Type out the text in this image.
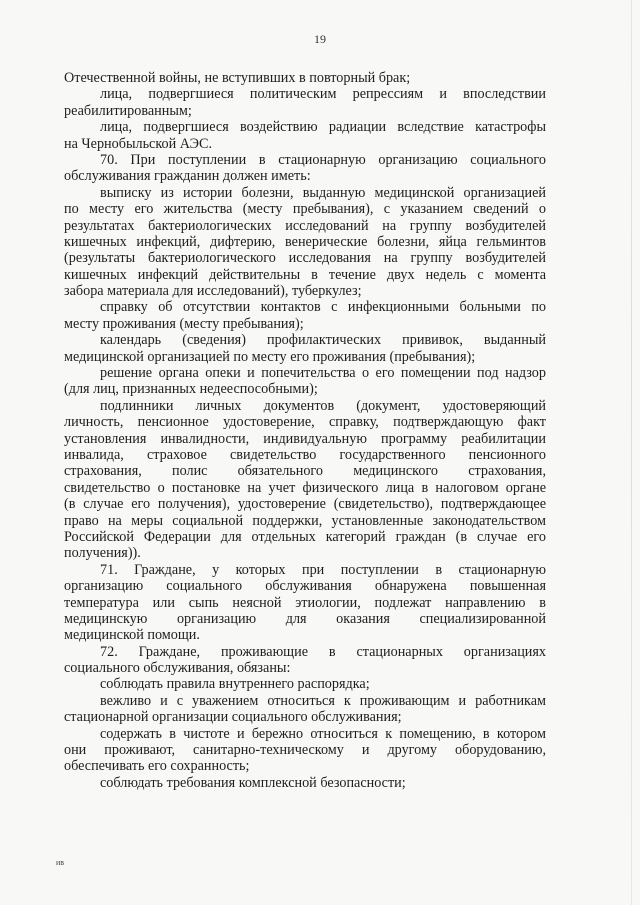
19
Отечественной войны, не вступивших в повторный брак;
лица, подвергшиеся политическим репрессиям и впоследствии
реабилитированным;
лица, подвергшиеся воздействию радиации вследствие катастрофы
на Чернобыльской АЭС.
70. При поступлении в стационарную организацию социального
обслуживания гражданин должен иметь:
выписку из истории болезни, выданную медицинской организацией
по месту его жительства (месту пребывания), с указанием сведений о
результатах бактериологических исследований на группу возбудителей
кишечных инфекций, дифтерию, венерические болезни, яйца гельминтов
(результаты бактериологического исследования на группу возбудителей
кишечных инфекций действительны в течение двух недель с момента
забора материала для исследований), туберкулез;
справку об отсутствии контактов с инфекционными больными по
месту проживания (месту пребывания);
календарь (сведения) профилактических прививок, выданный
медицинской организацией по месту его проживания (пребывания);
решение органа опеки и попечительства о его помещении под надзор
(для лиц, признанных недееспособными);
подлинники личных документов (документ, удостоверяющий
личность, пенсионное удостоверение, справку, подтверждающую факт
установления инвалидности, индивидуальную программу реабилитации
инвалида, страховое свидетельство государственного пенсионного
страхования, полис обязательного медицинского страхования,
свидетельство о постановке на учет физического лица в налоговом органе
(в случае его получения), удостоверение (свидетельство), подтверждающее
право на меры социальной поддержки, установленные законодательством
Российской Федерации для отдельных категорий граждан (в случае его
получения)).
71. Граждане, у которых при поступлении в стационарную
организацию социального обслуживания обнаружена повышенная
температура или сыпь неясной этиологии, подлежат направлению в
медицинскую организацию для оказания специализированной
медицинской помощи.
72. Граждане, проживающие в стационарных организациях
социального обслуживания, обязаны:
соблюдать правила внутреннего распорядка;
вежливо и с уважением относиться к проживающим и работникам
стационарной организации социального обслуживания;
содержать в чистоте и бережно относиться к помещению, в котором
они проживают, санитарно-техническому и другому оборудованию,
обеспечивать его сохранность;
соблюдать требования комплексной безопасности;
ив
